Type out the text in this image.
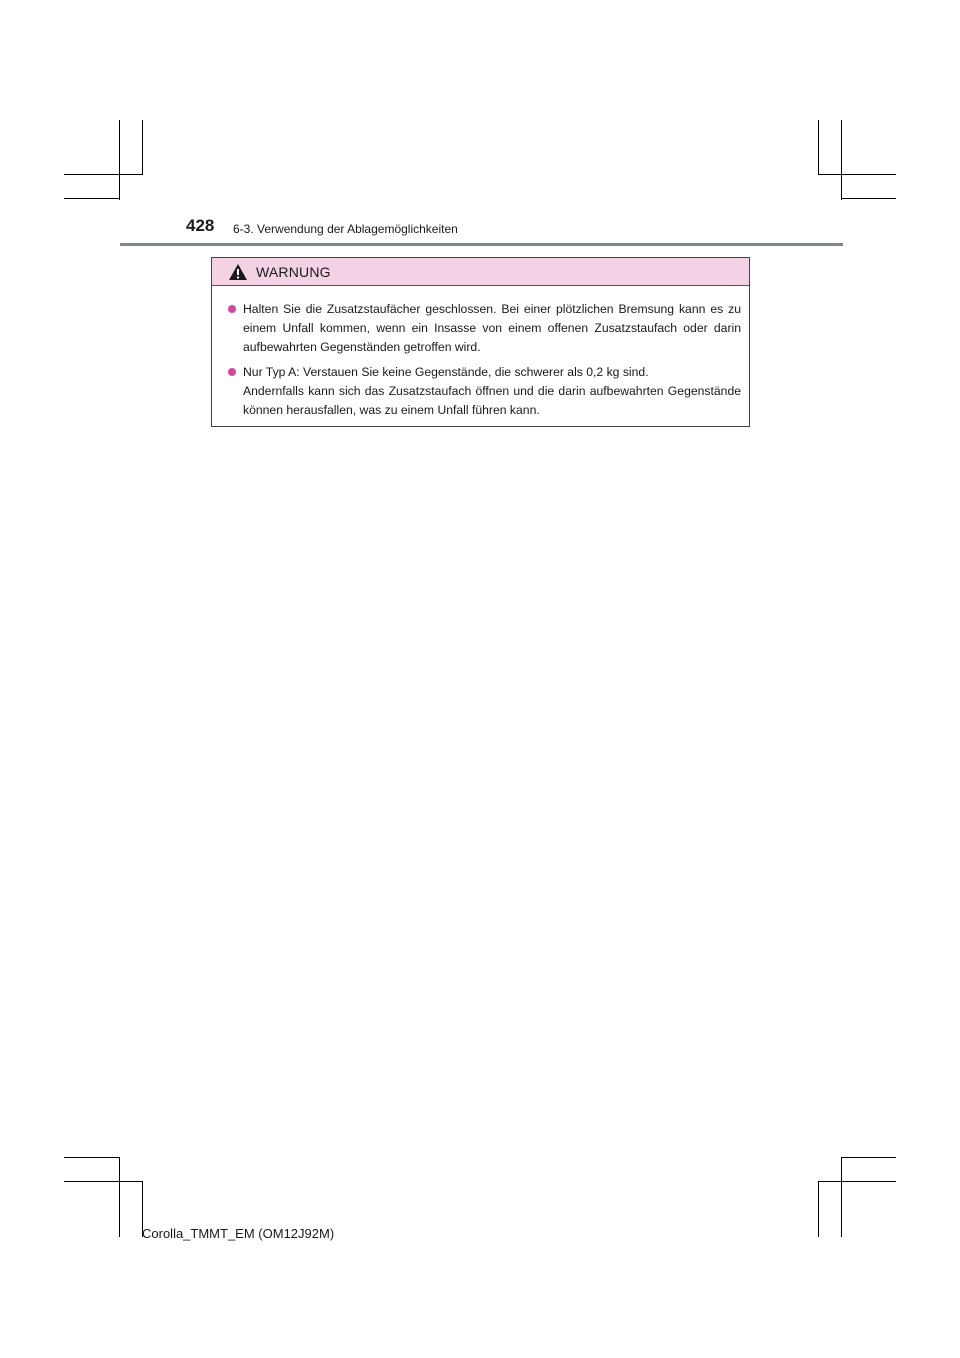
428 6-3. Verwendung der Ablagemöglichkeiten
WARNUNG
Halten Sie die Zusatzstaufächer geschlossen. Bei einer plötzlichen Bremsung kann es zu einem Unfall kommen, wenn ein Insasse von einem offenen Zusatzstaufach oder darin aufbewahrten Gegenständen getroffen wird.
Nur Typ A: Verstauen Sie keine Gegenstände, die schwerer als 0,2 kg sind.
Andernfalls kann sich das Zusatzstaufach öffnen und die darin aufbewahrten Gegenstände können herausfallen, was zu einem Unfall führen kann.
Corolla_TMMT_EM (OM12J92M)
